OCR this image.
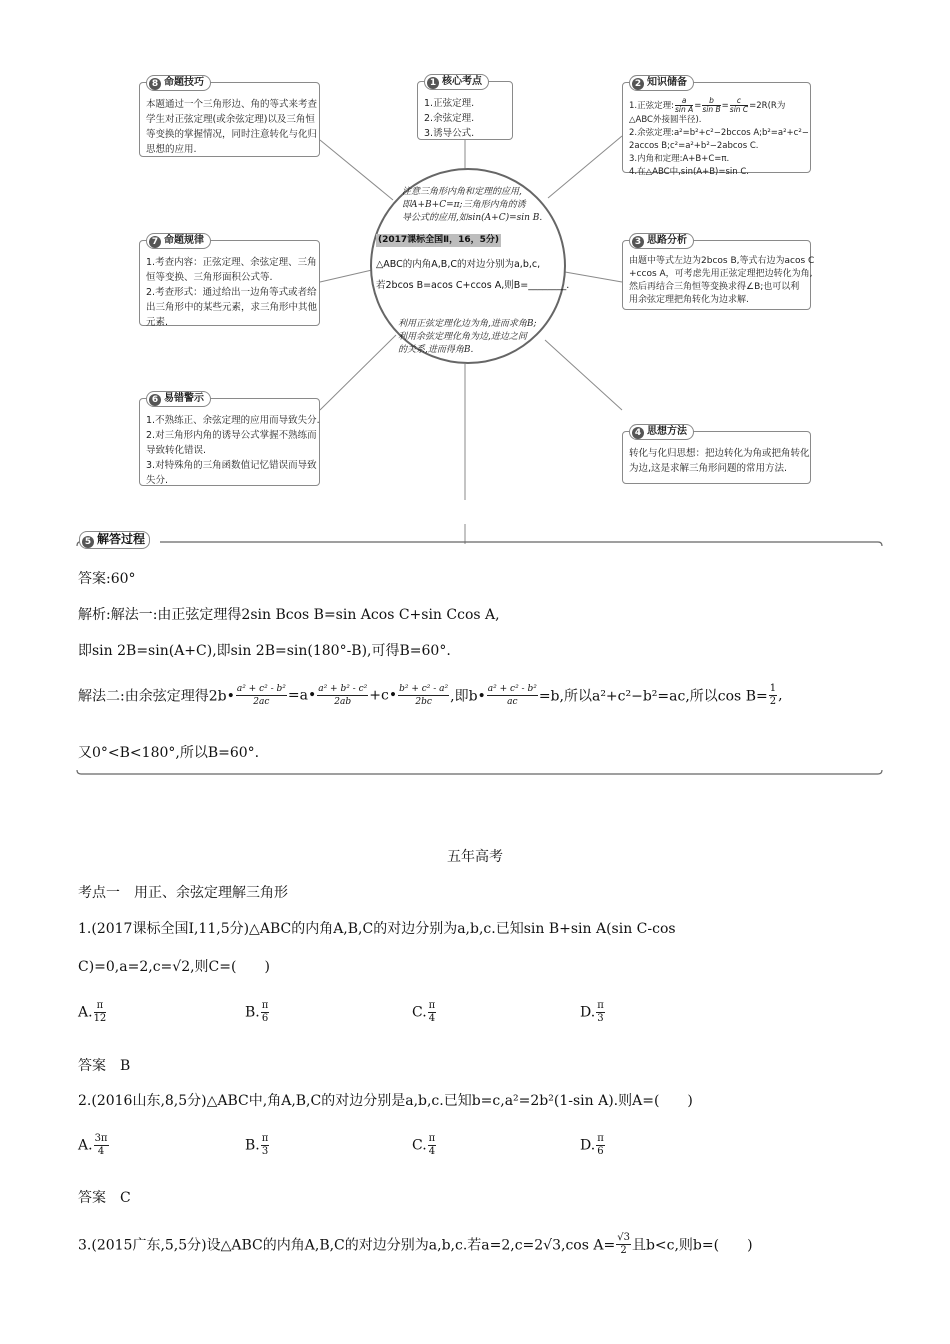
8 命题技巧
本题通过一个三角形边、角的等式来考查
学生对正弦定理(或余弦定理)以及三角恒
等变换的掌握情况，同时注意转化与化归
思想的应用.
1 核心考点
1.正弦定理.
2.余弦定理.
3.诱导公式.
2 知识储备
1.正弦定理: $\frac{a}{\text{sin A}} = \frac{b}{\text{sin B}} = \frac{c}{\text{sin C}} =2R(R$为
△ABC外接圆半径).
2.余弦定理:a²=b²+c²−2bccos A;b²=a²+c²−
2accos B;c²=a²+b²−2abcos C.
3.内角和定理:A+B+C=π.
4.在△ABC中,sin(A+B)=sin C.
7 命题规律
1.考查内容：正弦定理、余弦定理、三角
恒等变换、三角形面积公式等.
2.考查形式：通过给出一边角等式或者给
出三角形中的某些元素，求三角形中其他
元素.
3 思路分析
由题中等式左边为2bcos B,等式右边为acos C
+ccos A，可考虑先用正弦定理把边转化为角,
然后再结合三角恒等变换求得∠B;也可以利
用余弦定理把角转化为边求解.
6 易错警示
1.不熟练正、余弦定理的应用而导致失分.
2.对三角形内角的诱导公式掌握不熟练而
导致转化错误.
3.对特殊角的三角函数值记忆错误而导致
失分.
4 思想方法
转化与化归思想：把边转化为角或把角转化
为边,这是求解三角形问题的常用方法.
注意三角形内角和定理的应用,
即A+B+C=π;三角形内角的诱
导公式的应用,如sin(A+C)=sin B.
(2017课标全国Ⅱ，16，5分)
△ABC的内角A,B,C的对边分别为a,b,c,
若2bcos B=acos C+ccos A,则B=________.
利用正弦定理化边为角,进而求角B;
利用余弦定理化角为边,进边之间
的关系,进而得角B.
5 解答过程
答案:60°
解析:解法一:由正弦定理得2sin Bcos B=sin Acos C+sin Ccos A,
即sin 2B=sin(A+C),即sin 2B=sin(180°-B),可得B=60°.
解法二:由余弦定理得2b• $\frac{\text{a² + c² - b²}}{2ac}$ =a• $\frac{\text{a² + b² - c²}}{2ab}$ +c• $\frac{\text{b² + c² - a²}}{2bc}$ ,即b• $\frac{\text{a² + c² - b²}}{ac} =b$,所以a²+c²−b²=ac,所以$\cos B= \frac{1}{2}$ ,
又0°<B<180°,所以B=60°.
五年高考
考点一　用正、余弦定理解三角形
1.(2017课标全国Ⅰ,11,5分)△ABC的内角A,B,C的对边分别为a,b,c.已知sin B+sin A(sin C-cos
C)=0,a=2,c=√2,则C=(　　)
A. $\frac{\pi}{12}$	B. $\frac{\pi}{6}$	C. $\frac{\pi}{4}$	D. $\frac{\pi}{3}$
答案　B
2.(2016山东,8,5分)△ABC中,角A,B,C的对边分别是a,b,c.已知b=c,a²=2b²(1-sin A).则A=(　　)
A. $\frac{3\pi}{4}$	B. $\frac{\pi}{3}$	C. $\frac{\pi}{4}$	D. $\frac{\pi}{6}$
答案　C
3.(2015广东,5,5分)设△ABC的内角A,B,C的对边分别为a,b,c.若a=2,c=2√3,cos $A= \frac{√3}{2}$ 且b<c,则b=(　　)
